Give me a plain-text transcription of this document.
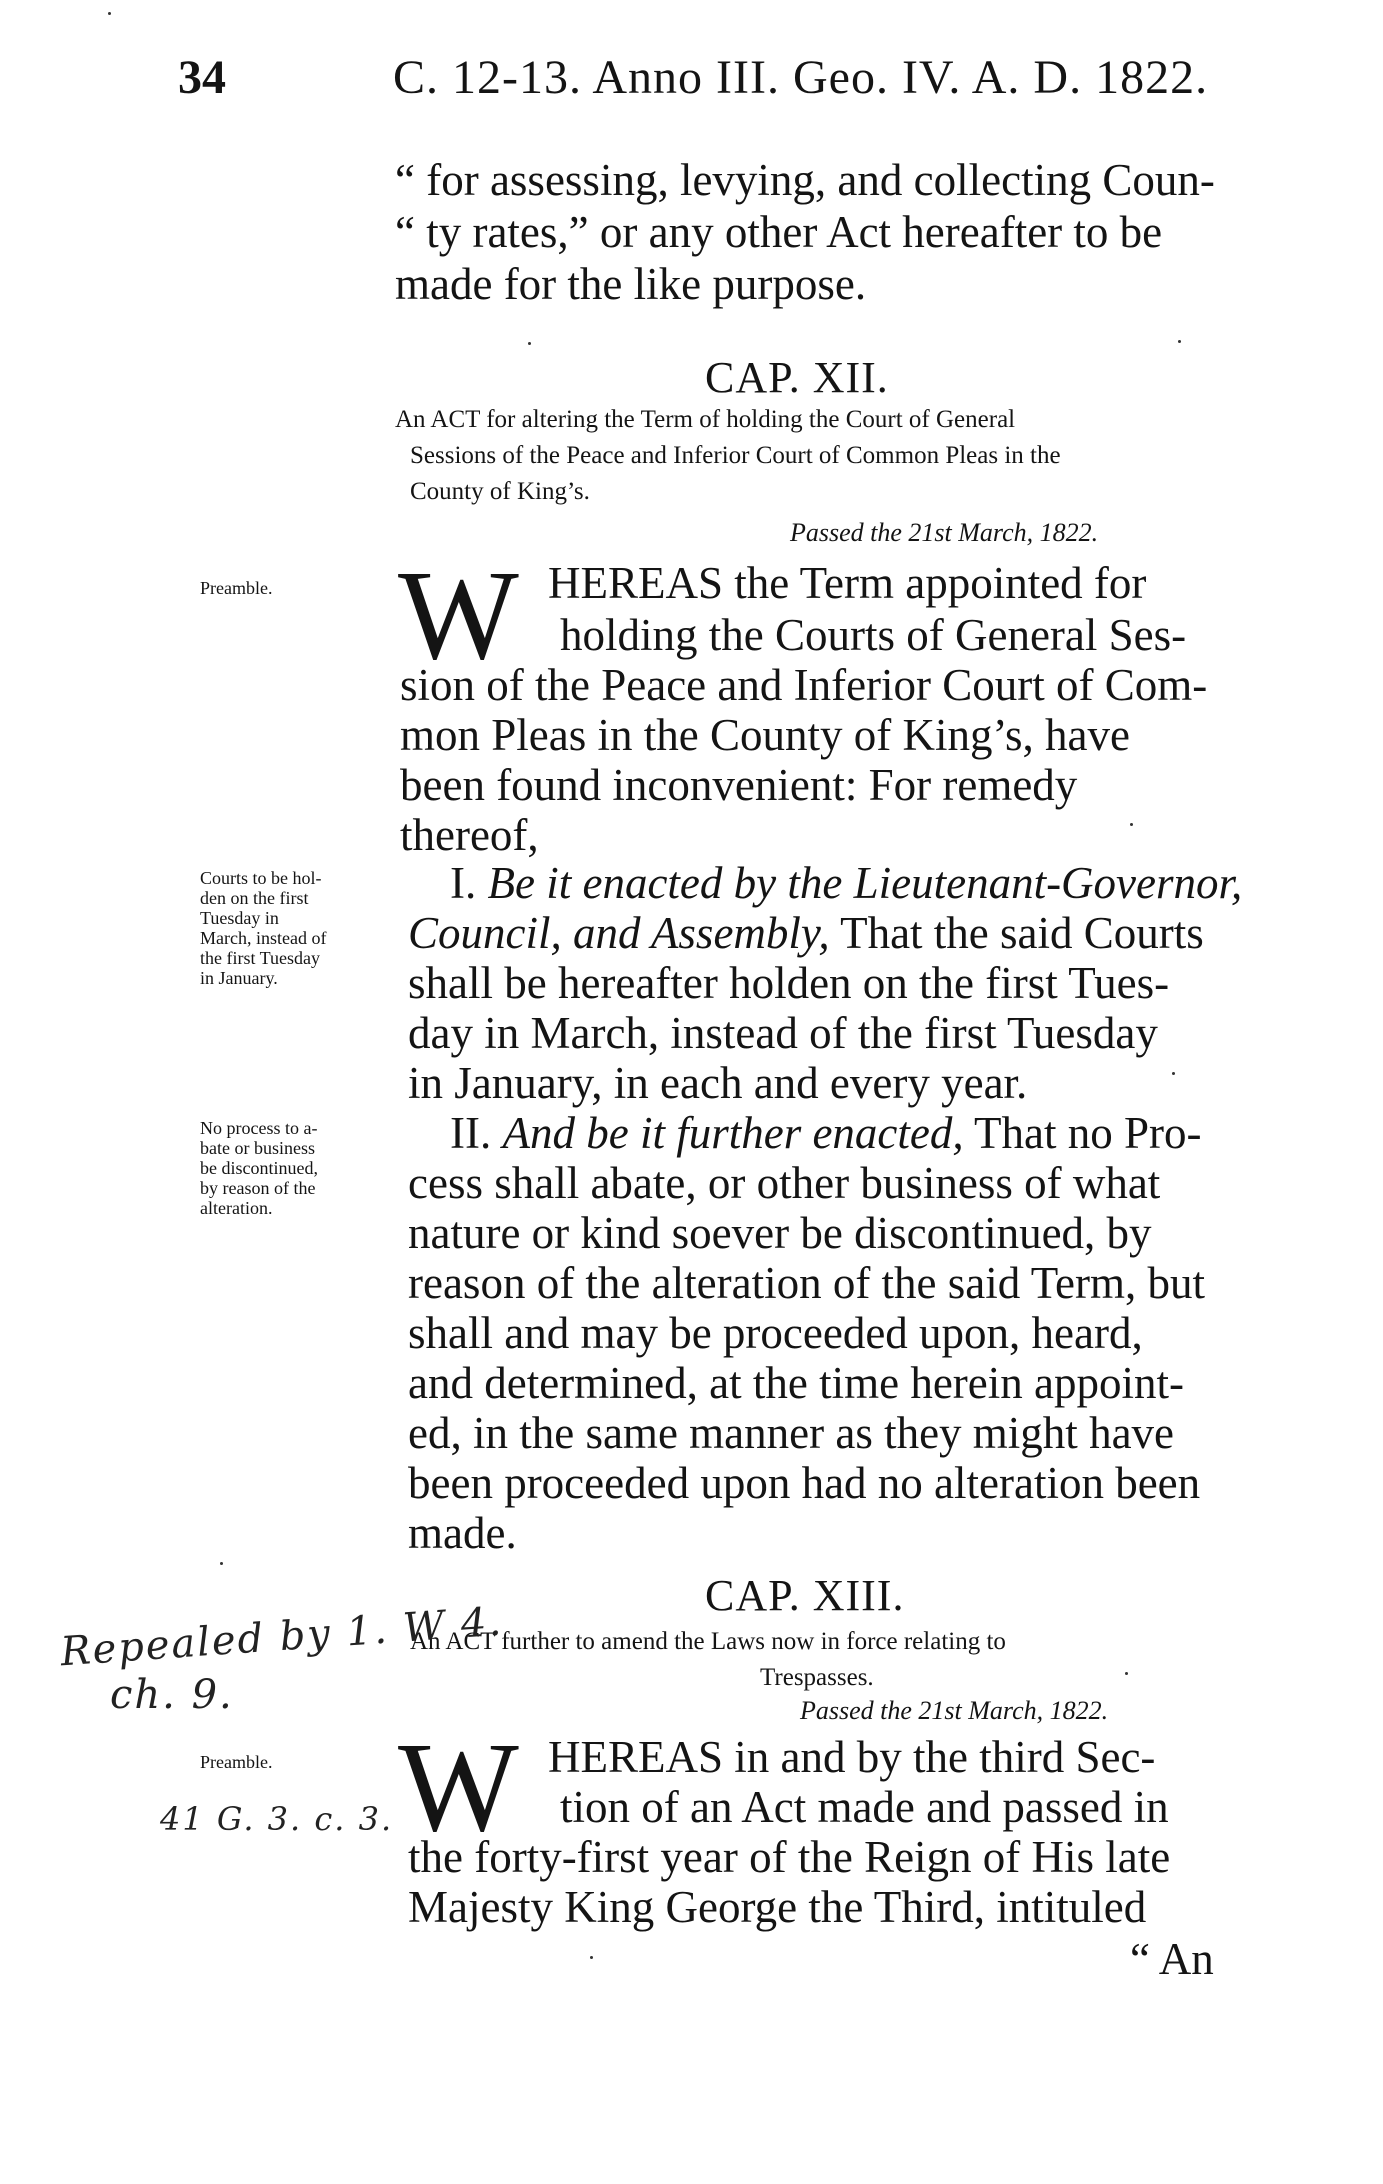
34	C. 12-13. Anno III. Geo. IV. A. D. 1822.
“ for assessing, levying, and collecting Coun-
“ ty rates,” or any other Act hereafter to be
made for the like purpose.
CAP. XII.
An ACT for altering the Term of holding the Court of General
Sessions of the Peace and Inferior Court of Common Pleas in the
County of King’s.
Passed the 21st March, 1822.
Preamble. W HEREAS the Term appointed for
holding the Courts of General Ses-
sion of the Peace and Inferior Court of Com-
mon Pleas in the County of King’s, have
been found inconvenient: For remedy
thereof,
Courts to be hol-
den on the first
Tuesday in
March, instead of
the first Tuesday
in January.
I. Be it enacted by the Lieutenant-Governor,
Council, and Assembly, That the said Courts
shall be hereafter holden on the first Tues-
day in March, instead of the first Tuesday
in January, in each and every year.
No process to a-
bate or business
be discontinued,
by reason of the
alteration.
II. And be it further enacted, That no Pro-
cess shall abate, or other business of what
nature or kind soever be discontinued, by
reason of the alteration of the said Term, but
shall and may be proceeded upon, heard,
and determined, at the time herein appoint-
ed, in the same manner as they might have
been proceeded upon had no alteration been
made.
CAP. XIII.
An ACT further to amend the Laws now in force relating to
Trespasses.
Passed the 21st March, 1822.
Repealed by 1. W 4.
ch. 9.
Preamble.
41 G. 3. c. 3. W HEREAS in and by the third Sec-
tion of an Act made and passed in
the forty-first year of the Reign of His late
Majesty King George the Third, intituled
“ An
